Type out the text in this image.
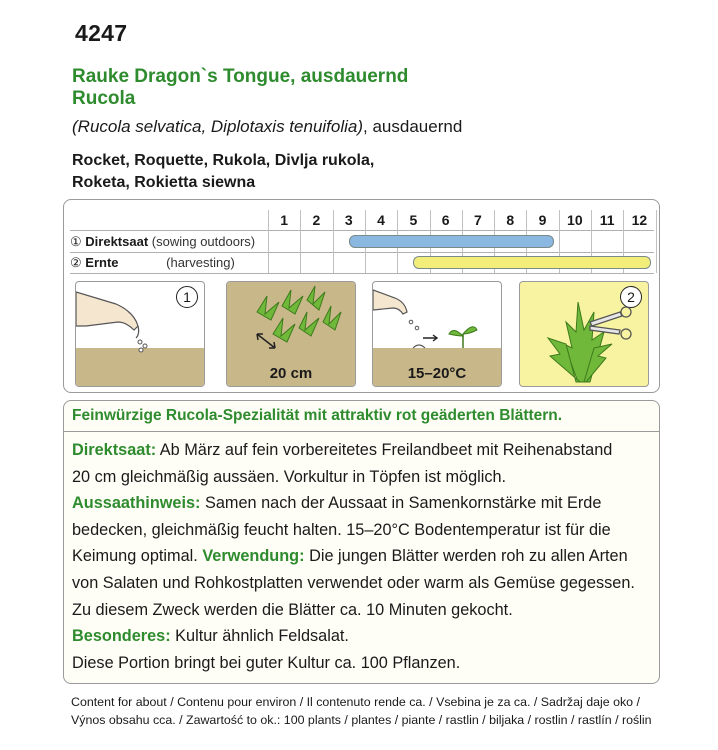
4247
Rauke Dragon`s Tongue, ausdauernd
Rucola
(Rucola selvatica, Diplotaxis tenuifolia), ausdauernd
Rocket, Roquette, Rukola, Divlja rukola,
Roketa, Rokietta siewna
1	2	3	4	5	6	7	8	9	10	11	12
① Direktsaat (sowing outdoors)
② Ernte	(harvesting)
1
20 cm	15–20°C
2
Feinwürzige Rucola-Spezialität mit attraktiv rot geäderten Blättern.
Direktsaat: Ab März auf fein vorbereitetes Freilandbeet mit Reihenabstand
20 cm gleichmäßig aussäen. Vorkultur in Töpfen ist möglich.
Aussaathinweis: Samen nach der Aussaat in Samenkornstärke mit Erde
bedecken, gleichmäßig feucht halten. 15–20°C Bodentemperatur ist für die
Keimung optimal. Verwendung: Die jungen Blätter werden roh zu allen Arten
von Salaten und Rohkostplatten verwendet oder warm als Gemüse gegessen.
Zu diesem Zweck werden die Blätter ca. 10 Minuten gekocht.
Besonderes: Kultur ähnlich Feldsalat.
Diese Portion bringt bei guter Kultur ca. 100 Pflanzen.
Content for about / Contenu pour environ / Il contenuto rende ca. / Vsebina je za ca. / Sadržaj daje oko /
Výnos obsahu cca. / Zawartość to ok.: 100 plants / plantes / piante / rastlin / biljaka / rostlin / rastlín / roślin
